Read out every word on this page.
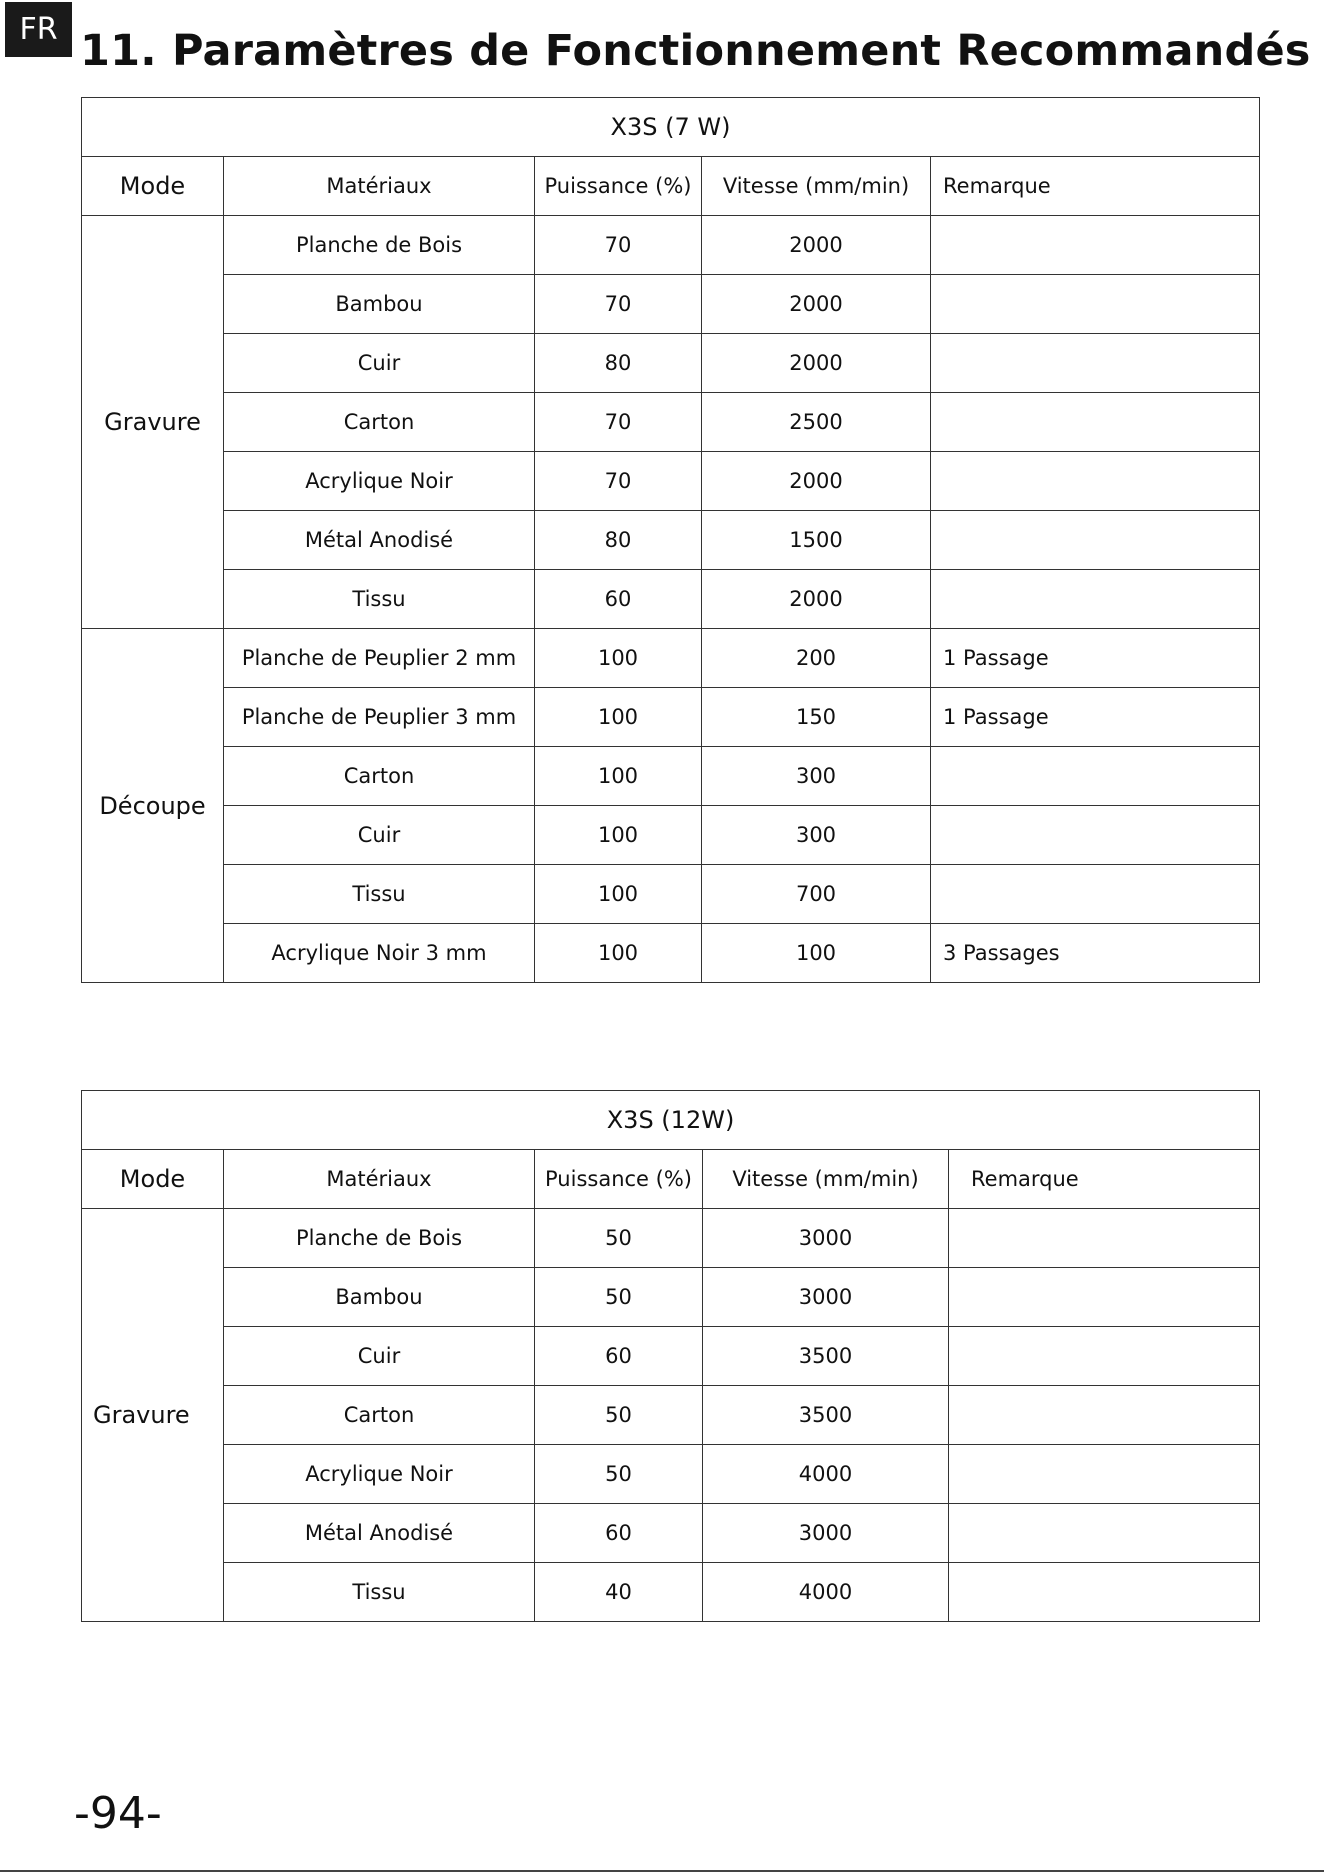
FR 11. Paramètres de Fonctionnement Recommandés
X3S (7 W)				
Mode	Matériaux	Puissance (%)	Vitesse (mm/min)	Remarque
Gravure	Planche de Bois	70	2000	
	Bambou	70	2000	
	Cuir	80	2000	
	Carton	70	2500	
	Acrylique Noir	70	2000	
	Métal Anodisé	80	1500	
	Tissu	60	2000	
Découpe	Planche de Peuplier 2 mm	100	200	1 Passage
	Planche de Peuplier 3 mm	100	150	1 Passage
	Carton	100	300	
	Cuir	100	300	
	Tissu	100	700	
	Acrylique Noir 3 mm	100	100	3 Passages
X3S (12W)				
Mode	Matériaux	Puissance (%)	Vitesse (mm/min)	Remarque
Gravure	Planche de Bois	50	3000	
	Bambou	50	3000	
	Cuir	60	3500	
	Carton	50	3500	
	Acrylique Noir	50	4000	
	Métal Anodisé	60	3000	
	Tissu	40	4000	
-94-
